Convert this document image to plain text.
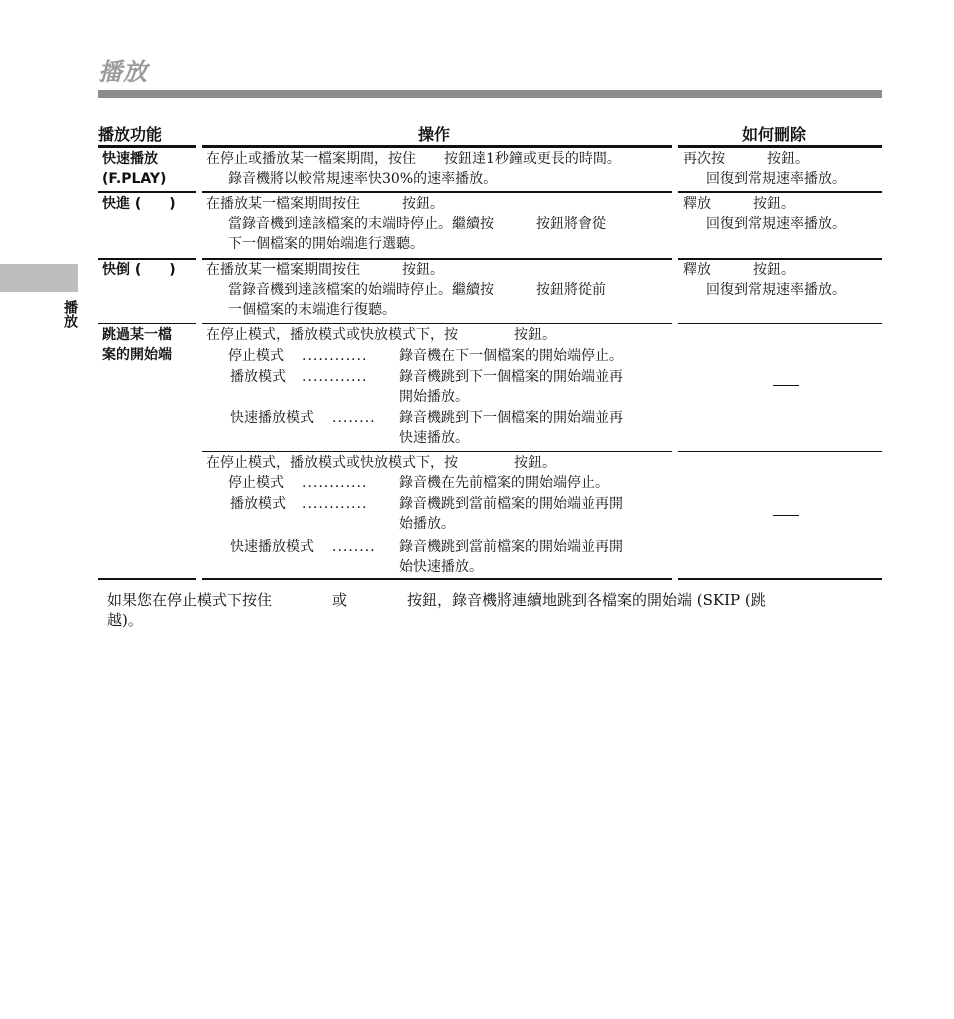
播放
播放
播放功能	操作	如何刪除
快速播放
(F.PLAY)
在停止或播放某一檔案期間，按住　　按鈕達1秒鐘或更長的時間。
錄音機將以較常規速率快30%的速率播放。
再次按　　　按鈕。
回復到常規速率播放。
快進 (　　) 在播放某一檔案期間按住　　　按鈕。
當錄音機到達該檔案的末端時停止。繼續按　　　按鈕將會從
下一個檔案的開始端進行選聽。
釋放　　　按鈕。
回復到常規速率播放。
快倒 (　　) 在播放某一檔案期間按住　　　按鈕。
當錄音機到達該檔案的始端時停止。繼續按　　　按鈕將從前
一個檔案的末端進行復聽。
釋放　　　按鈕。
回復到常規速率播放。
跳過某一檔
案的開始端
在停止模式，播放模式或快放模式下，按　　　　按鈕。
停止模式 ............ 錄音機在下一個檔案的開始端停止。
播放模式 ............ 錄音機跳到下一個檔案的開始端並再
開始播放。
快速播放模式 ........ 錄音機跳到下一個檔案的開始端並再
快速播放。
在停止模式，播放模式或快放模式下，按　　　　按鈕。
停止模式 ............ 錄音機在先前檔案的開始端停止。
播放模式 ............ 錄音機跳到當前檔案的開始端並再開
始播放。
快速播放模式 ........ 錄音機跳到當前檔案的開始端並再開
始快速播放。
如果您在停止模式下按住　　　　或　　　　按鈕，錄音機將連續地跳到各檔案的開始端 (SKIP (跳
越)。
